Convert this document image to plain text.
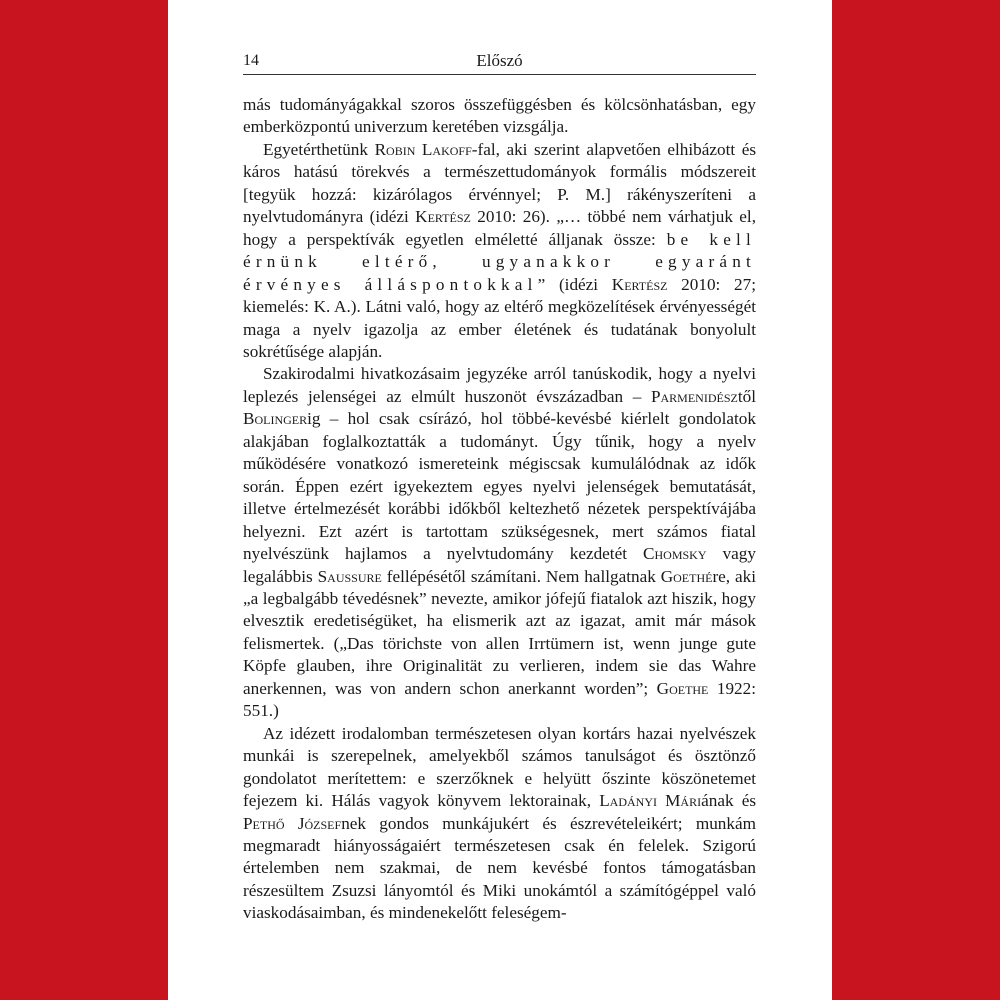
14	Előszó

más tudományágakkal szoros összefüggésben és kölcsönhatásban, egy emberközpontú univerzum keretében vizsgálja.

Egyetérthetünk Robin Lakoff-fal, aki szerint alapvetően elhibázott és káros hatású törekvés a természettudományok formális módszereit [tegyük hozzá: kizárólagos érvénnyel; P. M.] rákényszeríteni a nyelvtudományra (idézi Kertész 2010: 26). „… többé nem várhatjuk el, hogy a perspektívák egyetlen elméletté álljanak össze: be kell érnünk eltérő, ugyanakkor egyaránt érvényes álláspontokkal” (idézi Kertész 2010: 27; kiemelés: K. A.). Látni való, hogy az eltérő megközelítések érvényességét maga a nyelv igazolja az ember életének és tudatának bonyolult sokrétűsége alapján.

Szakirodalmi hivatkozásaim jegyzéke arról tanúskodik, hogy a nyelvi leplezés jelenségei az elmúlt huszonöt évszázadban – Parmenidésztől Bolingerig – hol csak csírázó, hol többé-kevésbé kiérlelt gondolatok alakjában foglalkoztatták a tudományt. Úgy tűnik, hogy a nyelv működésére vonatkozó ismereteink mégiscsak kumulálódnak az idők során. Éppen ezért igyekeztem egyes nyelvi jelenségek bemutatását, illetve értelmezését korábbi időkből keltezhető nézetek perspektívájába helyezni. Ezt azért is tartottam szükségesnek, mert számos fiatal nyelvészünk hajlamos a nyelvtudomány kezdetét Chomsky vagy legalábbis Saussure fellépésétől számítani. Nem hallgatnak Goethére, aki „a legbalgább tévedésnek” nevezte, amikor jófejű fiatalok azt hiszik, hogy elvesztik eredetiségüket, ha elismerik azt az igazat, amit már mások felismertek. („Das törichste von allen Irrtümern ist, wenn junge gute Köpfe glauben, ihre Originalität zu verlieren, indem sie das Wahre anerkennen, was von andern schon anerkannt worden”; Goethe 1922: 551.)

Az idézett irodalomban természetesen olyan kortárs hazai nyelvészek munkái is szerepelnek, amelyekből számos tanulságot és ösztönző gondolatot merítettem: e szerzőknek e helyütt őszinte köszönetemet fejezem ki. Hálás vagyok könyvem lektorainak, Ladányi Máriának és Pethő Józsefnek gondos munkájukért és észrevételeikért; munkám megmaradt hiányosságaiért természetesen csak én felelek. Szigorú értelemben nem szakmai, de nem kevésbé fontos támogatásban részesültem Zsuzsi lányomtól és Miki unokámtól a számítógéppel való viaskodásaimban, és mindenekelőtt feleségem-
